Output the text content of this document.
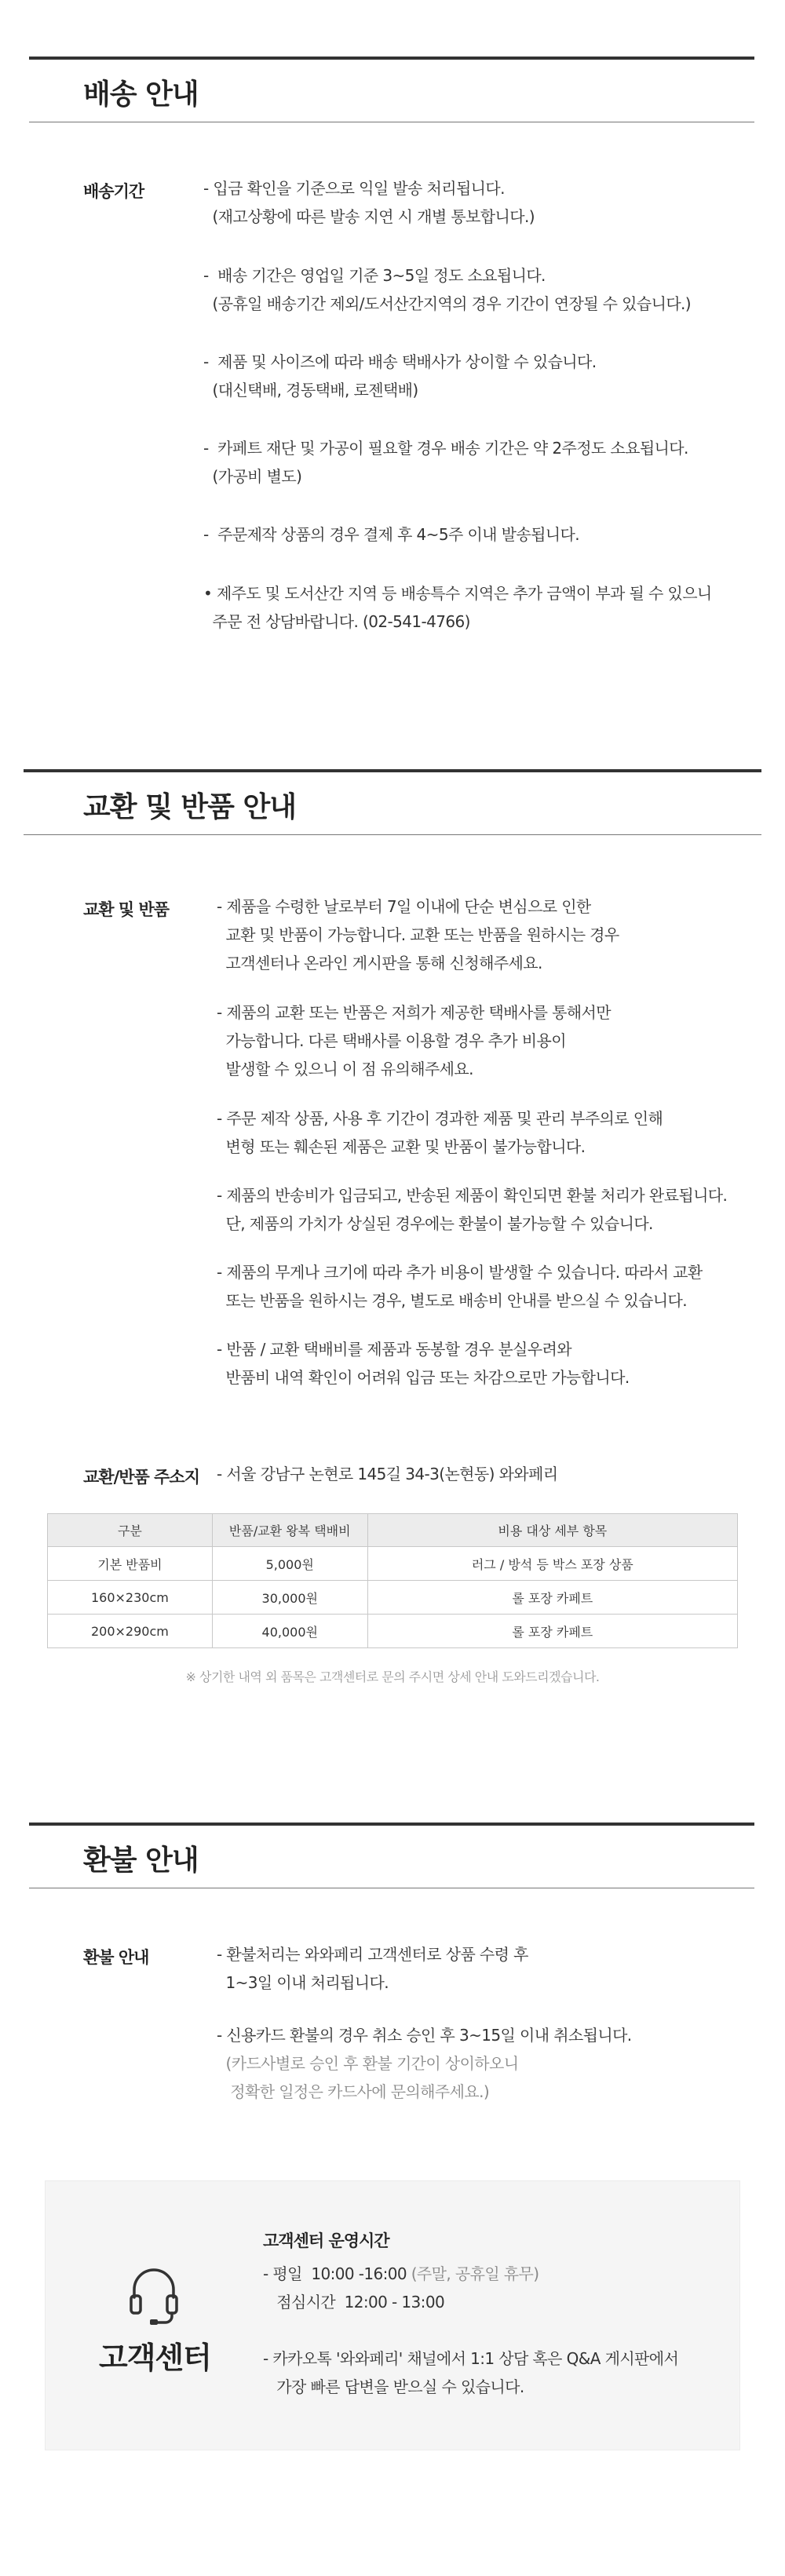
배송 안내
배송기간	- 입금 확인을 기준으로 익일 발송 처리됩니다.
(재고상황에 따른 발송 지연 시 개별 통보합니다.)
-  배송 기간은 영업일 기준 3~5일 정도 소요됩니다.
(공휴일 배송기간 제외/도서산간지역의 경우 기간이 연장될 수 있습니다.)
-  제품 및 사이즈에 따라 배송 택배사가 상이할 수 있습니다.
(대신택배, 경동택배, 로젠택배)
-  카페트 재단 및 가공이 필요할 경우 배송 기간은 약 2주정도 소요됩니다.
(가공비 별도)
-  주문제작 상품의 경우 결제 후 4~5주 이내 발송됩니다.
• 제주도 및 도서산간 지역 등 배송특수 지역은 추가 금액이 부과 될 수 있으니
주문 전 상담바랍니다. (02-541-4766)
교환 및 반품 안내
교환 및 반품	- 제품을 수령한 날로부터 7일 이내에 단순 변심으로 인한
교환 및 반품이 가능합니다. 교환 또는 반품을 원하시는 경우
고객센터나 온라인 게시판을 통해 신청해주세요.
- 제품의 교환 또는 반품은 저희가 제공한 택배사를 통해서만
가능합니다. 다른 택배사를 이용할 경우 추가 비용이
발생할 수 있으니 이 점 유의해주세요.
- 주문 제작 상품, 사용 후 기간이 경과한 제품 및 관리 부주의로 인해
변형 또는 훼손된 제품은 교환 및 반품이 불가능합니다.
- 제품의 반송비가 입금되고, 반송된 제품이 확인되면 환불 처리가 완료됩니다.
단, 제품의 가치가 상실된 경우에는 환불이 불가능할 수 있습니다.
- 제품의 무게나 크기에 따라 추가 비용이 발생할 수 있습니다. 따라서 교환
또는 반품을 원하시는 경우, 별도로 배송비 안내를 받으실 수 있습니다.
- 반품 / 교환 택배비를 제품과 동봉할 경우 분실우려와
반품비 내역 확인이 어려워 입금 또는 차감으로만 가능합니다.
교환/반품 주소지 - 서울 강남구 논현로 145길 34-3(논현동) 와와페리
구분	반품/교환 왕복 택배비	비용 대상 세부 항목
기본 반품비	5,000원	러그 / 방석 등 박스 포장 상품
160×230cm	30,000원	롤 포장 카페트
200×290cm	40,000원	롤 포장 카페트
※ 상기한 내역 외 품목은 고객센터로 문의 주시면 상세 안내 도와드리겠습니다.
환불 안내
환불 안내	- 환불처리는 와와페리 고객센터로 상품 수령 후
1~3일 이내 처리됩니다.
- 신용카드 환불의 경우 취소 승인 후 3~15일 이내 취소됩니다.
(카드사별로 승인 후 환불 기간이 상이하오니
정확한 일정은 카드사에 문의해주세요.)
고객센터
고객센터 운영시간
- 평일  10:00 -16:00 (주말, 공휴일 휴무)
점심시간  12:00 - 13:00
- 카카오톡 '와와페리' 채널에서 1:1 상담 혹은 Q&A 게시판에서
가장 빠른 답변을 받으실 수 있습니다.
